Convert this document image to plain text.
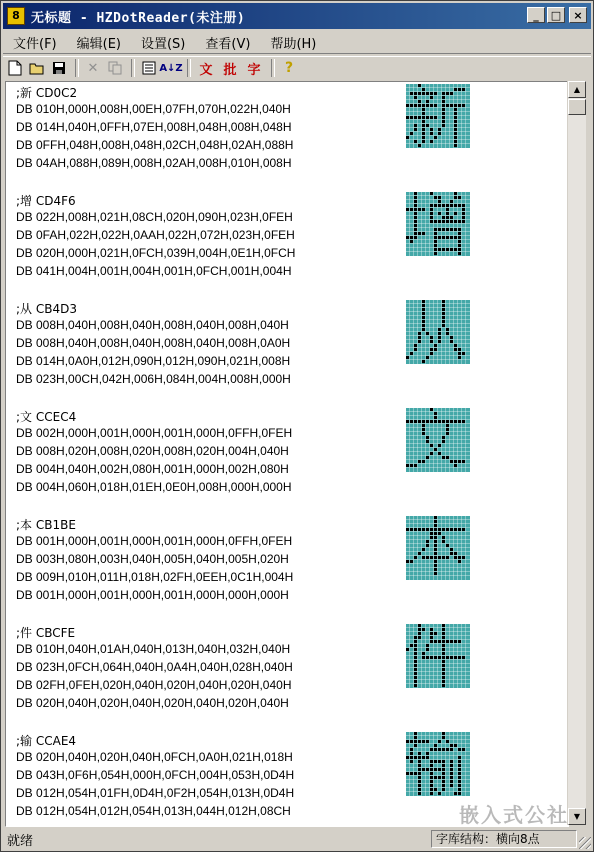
8 无标题 - HZDotReader(未注册)	_	□	×
文件(F)	编辑(E)	设置(S)	查看(V)	帮助(H)
✕	A↓Z	文 批 字	?
;新 CD0C2
DB 010H,000H,008H,00EH,07FH,070H,022H,040H
DB 014H,040H,0FFH,07EH,008H,048H,008H,048H
DB 0FFH,048H,008H,048H,02CH,048H,02AH,088H
DB 04AH,088H,089H,008H,02AH,008H,010H,008H
;增 CD4F6
DB 022H,008H,021H,08CH,020H,090H,023H,0FEH
DB 0FAH,022H,022H,0AAH,022H,072H,023H,0FEH
DB 020H,000H,021H,0FCH,039H,004H,0E1H,0FCH
DB 041H,004H,001H,004H,001H,0FCH,001H,004H
;从 CB4D3
DB 008H,040H,008H,040H,008H,040H,008H,040H
DB 008H,040H,008H,040H,008H,040H,008H,0A0H
DB 014H,0A0H,012H,090H,012H,090H,021H,008H
DB 023H,00CH,042H,006H,084H,004H,008H,000H
;文 CCEC4
DB 002H,000H,001H,000H,001H,000H,0FFH,0FEH
DB 008H,020H,008H,020H,008H,020H,004H,040H
DB 004H,040H,002H,080H,001H,000H,002H,080H
DB 004H,060H,018H,01EH,0E0H,008H,000H,000H
;本 CB1BE
DB 001H,000H,001H,000H,001H,000H,0FFH,0FEH
DB 003H,080H,003H,040H,005H,040H,005H,020H
DB 009H,010H,011H,018H,02FH,0EEH,0C1H,004H
DB 001H,000H,001H,000H,001H,000H,000H,000H
;件 CBCFE
DB 010H,040H,01AH,040H,013H,040H,032H,040H
DB 023H,0FCH,064H,040H,0A4H,040H,028H,040H
DB 02FH,0FEH,020H,040H,020H,040H,020H,040H
DB 020H,040H,020H,040H,020H,040H,020H,040H
;输 CCAE4
DB 020H,040H,020H,040H,0FCH,0A0H,021H,018H
DB 043H,0F6H,054H,000H,0FCH,004H,053H,0D4H
DB 012H,054H,01FH,0D4H,0F2H,054H,013H,0D4H
DB 012H,054H,012H,054H,013H,044H,012H,08CH
▲
▼
就绪	字库结构：横向8点
嵌入式公社
